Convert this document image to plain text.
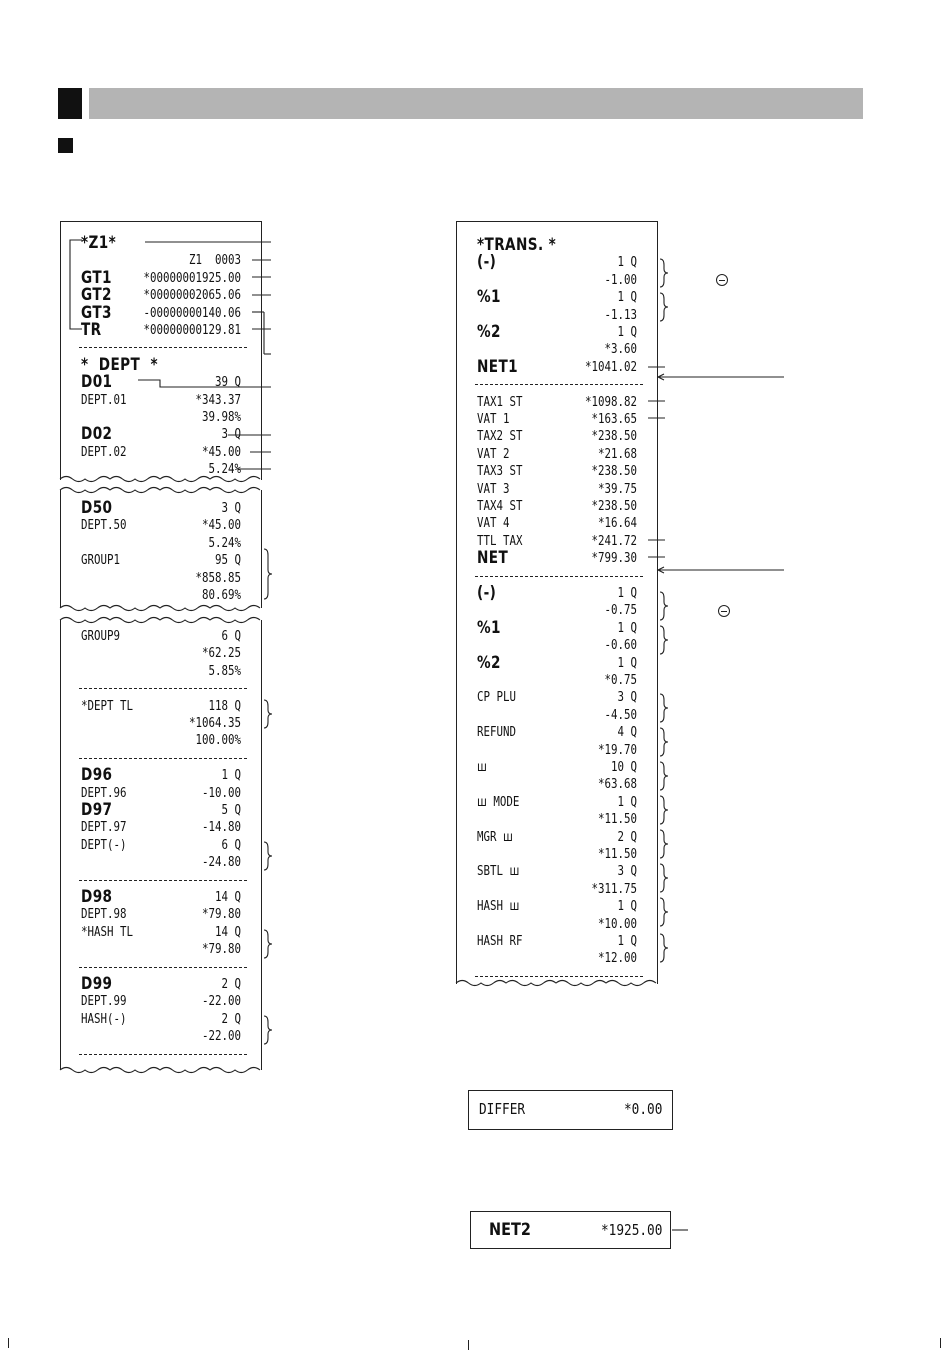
*Z1*
Z1  0003
GT1 *00000001925.00
GT2 *00000002065.06
GT3 -00000000140.06
TR	*00000000129.81
*  DEPT  *
D01	39 Q
DEPT.01	*343.37
39.98%
D02	3 Q
DEPT.02	*45.00
5.24%
D50	3 Q
DEPT.50	*45.00
5.24%
GROUP1	95 Q
*858.85
80.69%
GROUP9	6 Q
*62.25
5.85%
*DEPT TL	118 Q
*1064.35
100.00%
D96	1 Q
DEPT.96	-10.00
D97	5 Q
DEPT.97	-14.80
DEPT(-)	6 Q
-24.80
D98	14 Q
DEPT.98	*79.80
*HASH TL	14 Q
*79.80
D99	2 Q
DEPT.99	-22.00
HASH(-)	2 Q
-22.00
*TRANS. *
(-)	1 Q
-1.00
%1	1 Q
-1.13
%2	1 Q
*3.60
NET1	*1041.02
TAX1 ST	*1098.82
VAT 1	*163.65
TAX2 ST	*238.50
VAT 2	*21.68
TAX3 ST	*238.50
VAT 3	*39.75
TAX4 ST	*238.50
VAT 4	*16.64
TTL TAX	*241.72
NET	*799.30
(-)	1 Q
-0.75
%1	1 Q
-0.60
%2	1 Q
*0.75
CP PLU	3 Q
-4.50
REFUND	4 Q
*19.70
ꟺ	10 Q
*63.68
ꟺ MODE	1 Q
*11.50
MGR ꟺ	2 Q
*11.50
SBTL ꟺ	3 Q
*311.75
HASH ꟺ	1 Q
*10.00
HASH RF	1 Q
*12.00
DIFFER	*0.00
NET2	*1925.00
